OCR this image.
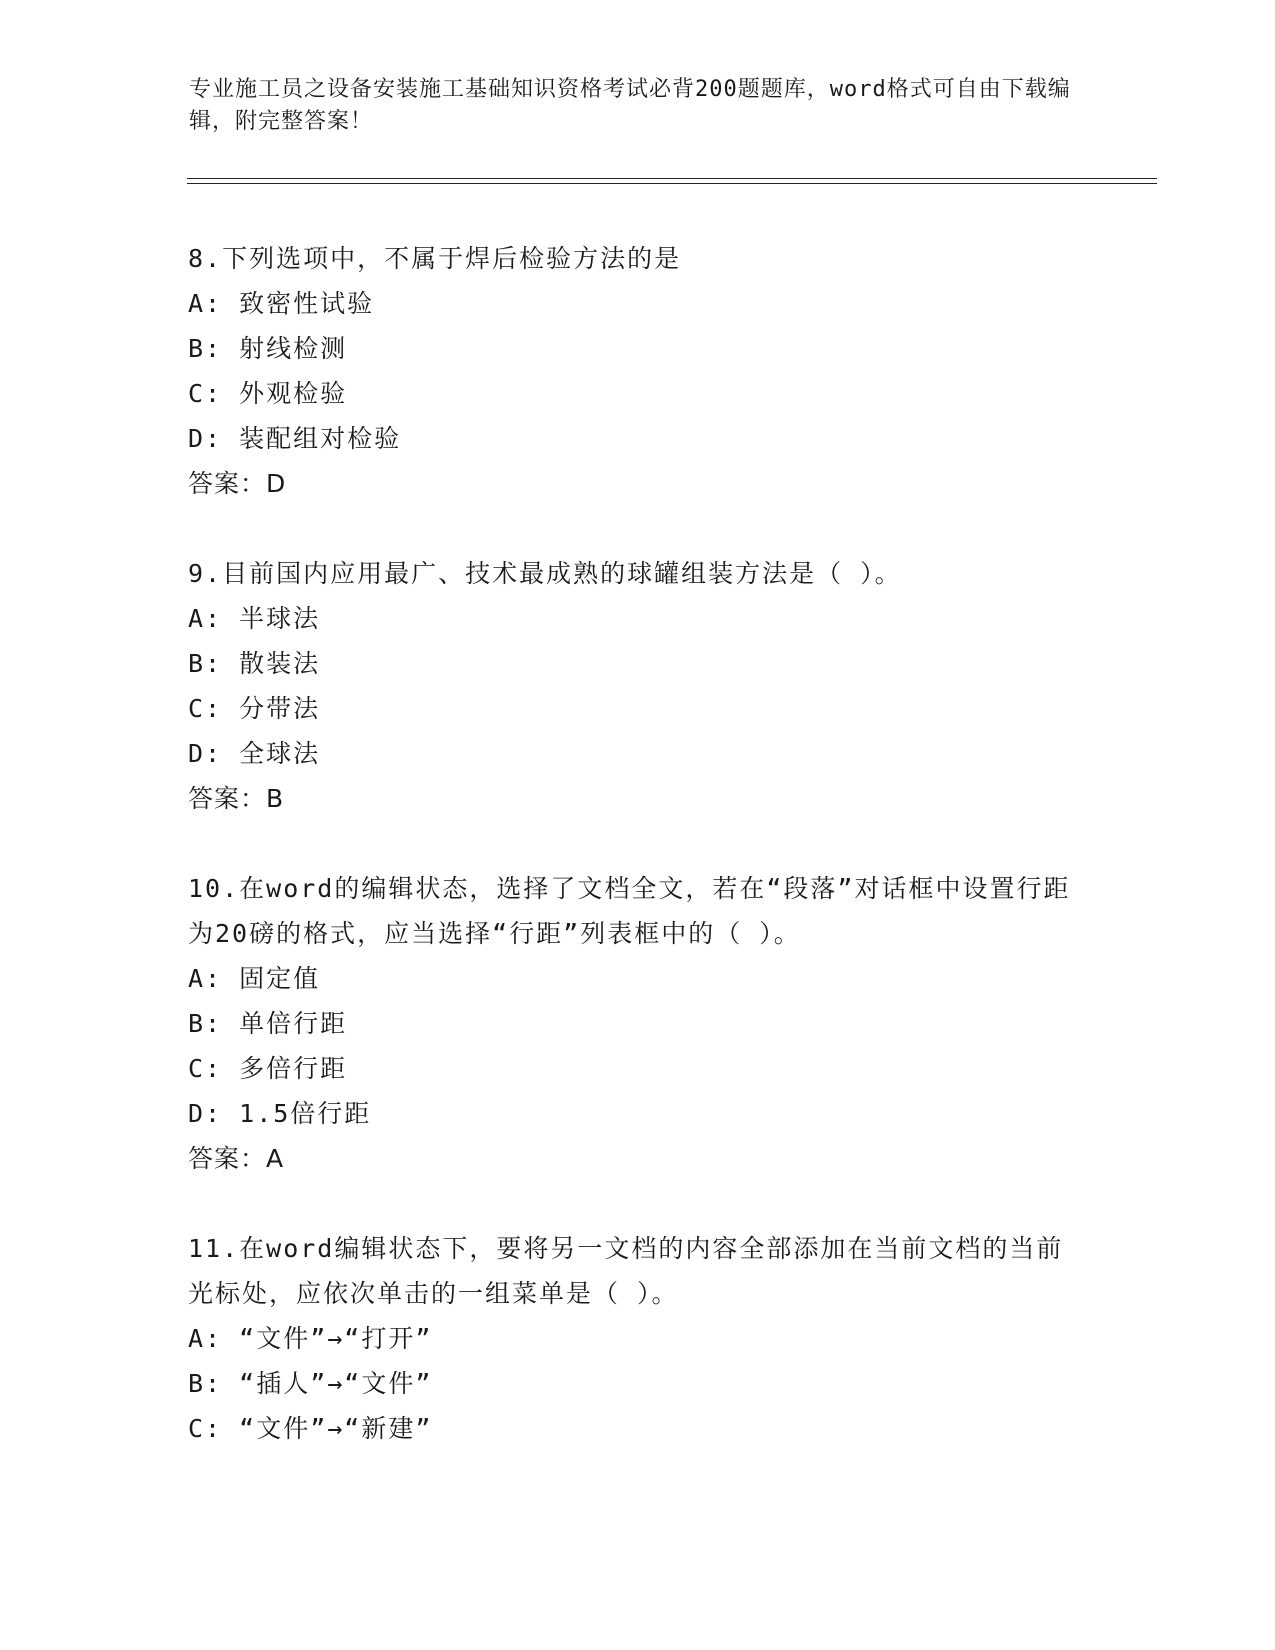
专业施工员之设备安装施工基础知识资格考试必背200题题库，word格式可自由下载编辑，附完整答案！
8.下列选项中，不属于焊后检验方法的是
A: 致密性试验
B: 射线检测
C: 外观检验
D: 装配组对检验
答案：D
9.目前国内应用最广、技术最成熟的球罐组装方法是（ ）。
A: 半球法
B: 散装法
C: 分带法
D: 全球法
答案：B
10.在word的编辑状态，选择了文档全文，若在“段落”对话框中设置行距为20磅的格式，应当选择“行距”列表框中的（ ）。
A: 固定值
B: 单倍行距
C: 多倍行距
D: 1.5倍行距
答案：A
11.在word编辑状态下，要将另一文档的内容全部添加在当前文档的当前光标处，应依次单击的一组菜单是（ ）。
A: “文件”→“打开”
B: “插人”→“文件”
C: “文件”→“新建”
